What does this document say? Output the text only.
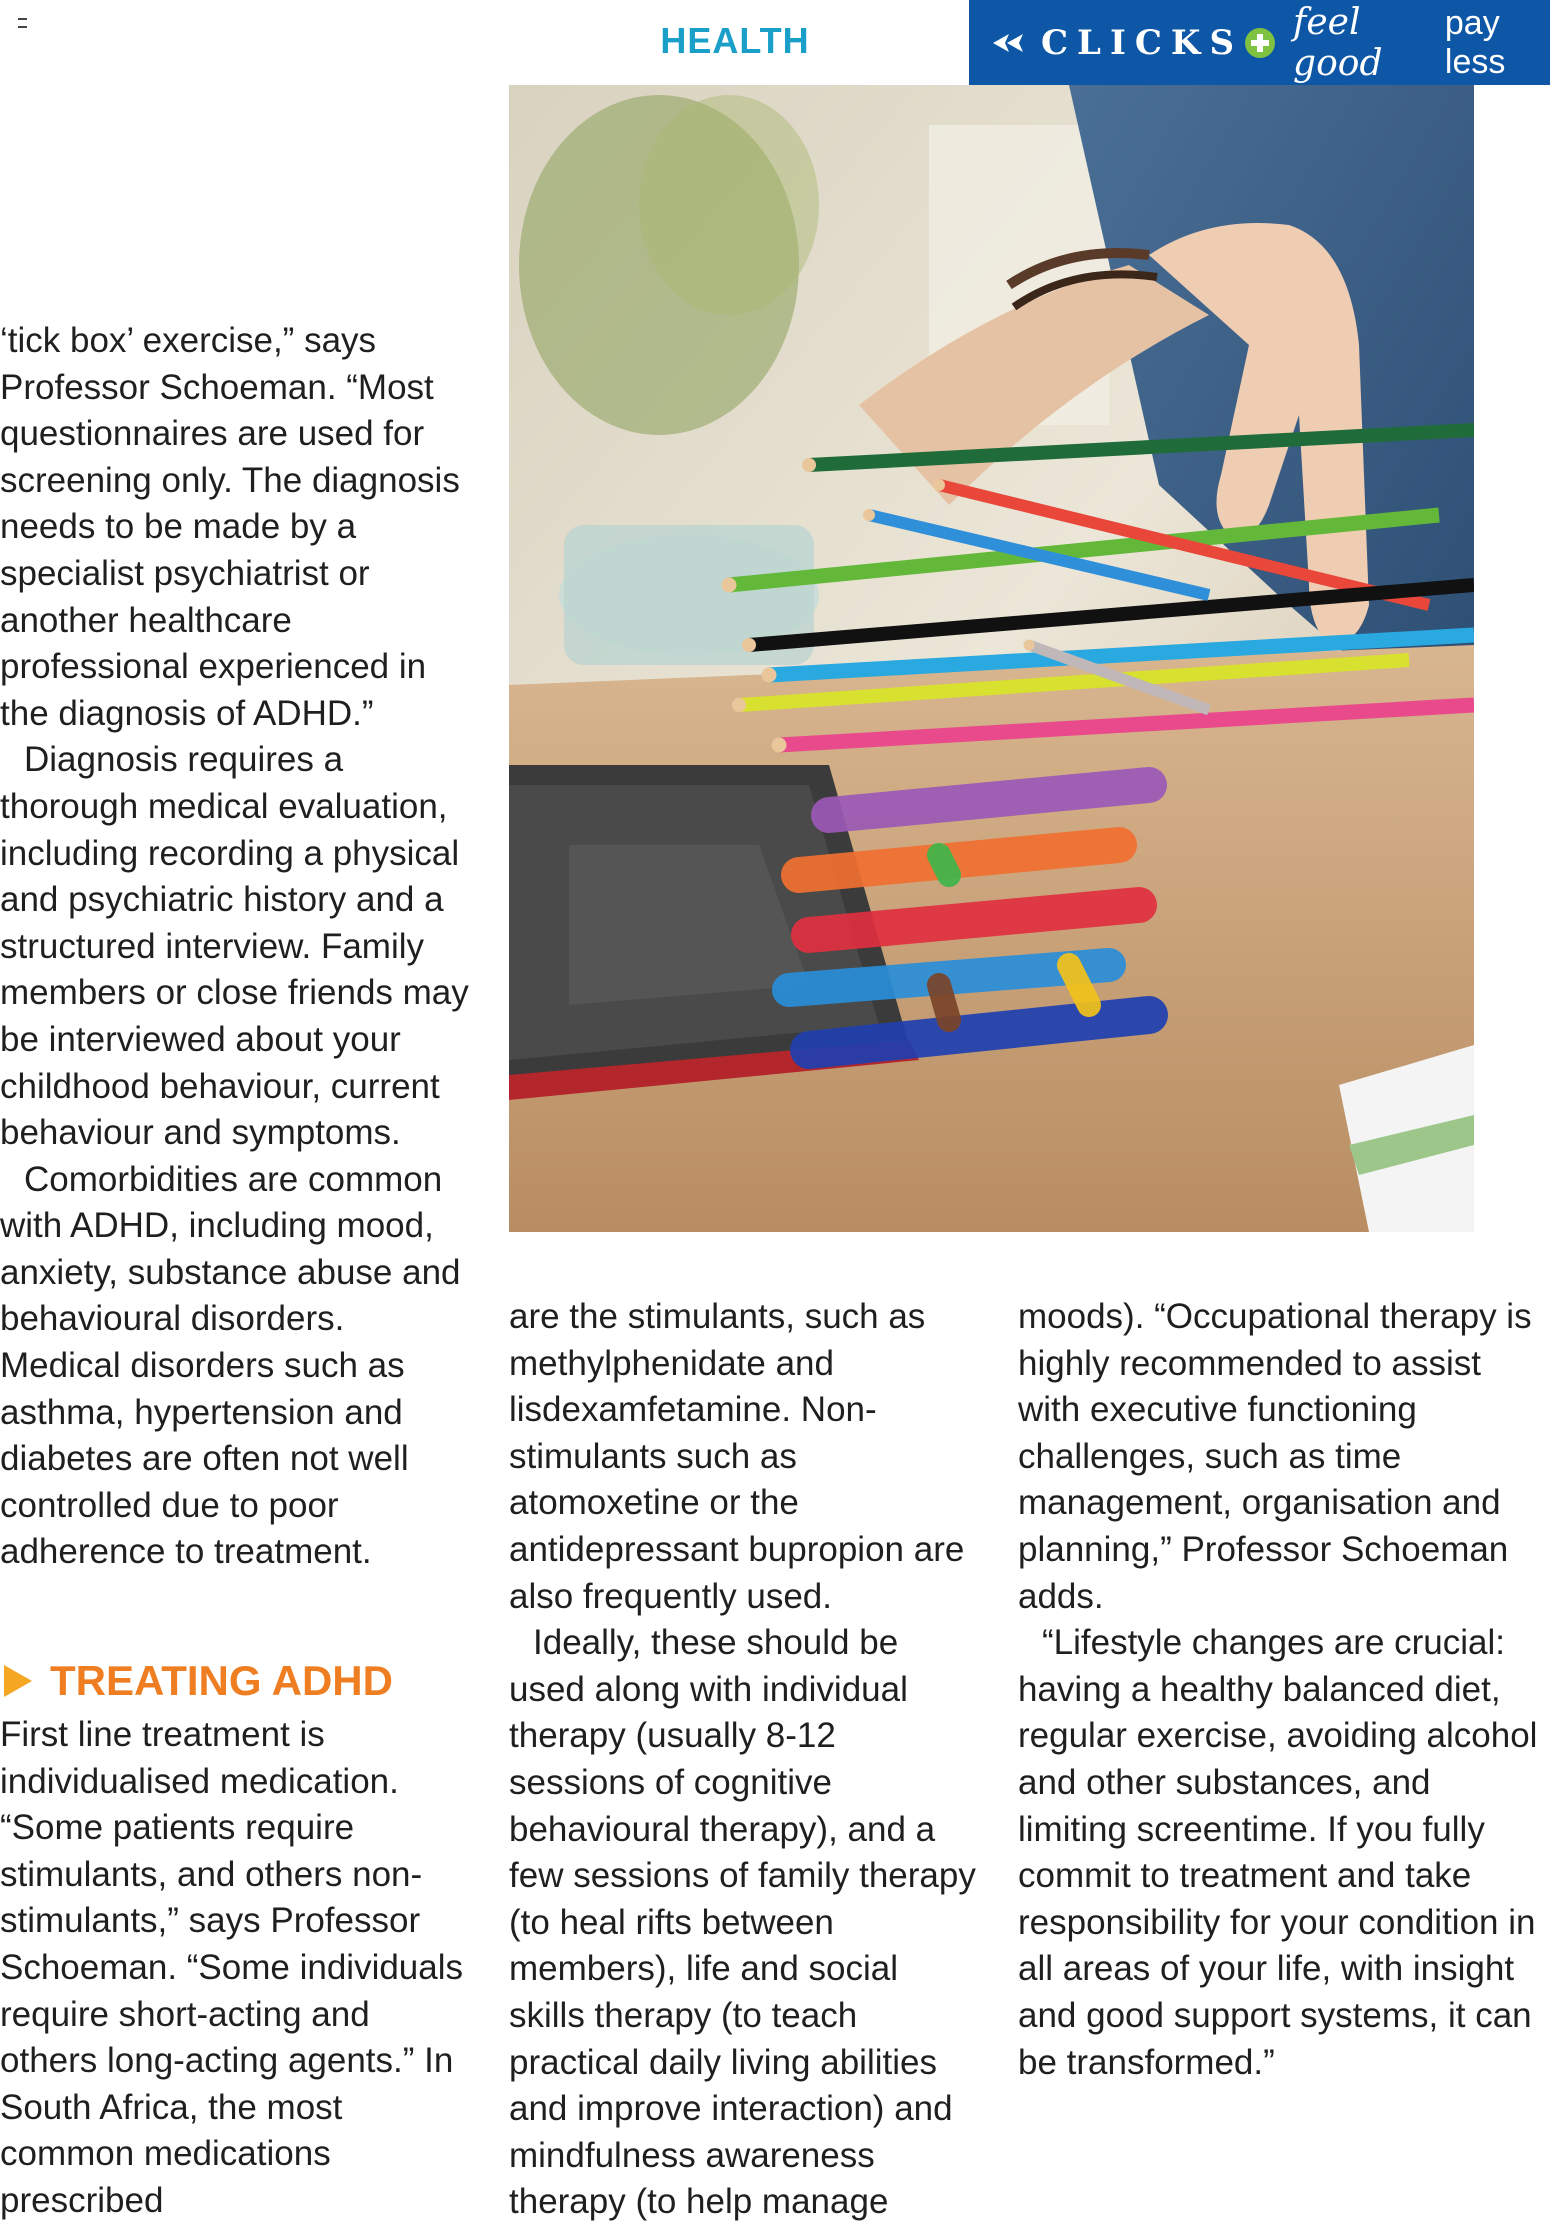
HEALTH	CLICKS feel good
pay less

‘tick box’ exercise,” says Professor Schoeman. “Most questionnaires are used for screening only. The diagnosis needs to be made by a specialist psychiatrist or another healthcare professional experienced in the diagnosis of ADHD.”

Diagnosis requires a thorough medical evaluation, including recording a physical and psychiatric history and a structured interview. Family members or close friends may be interviewed about your childhood behaviour, current behaviour and symptoms.

Comorbidities are common with ADHD, including mood, anxiety, substance abuse and behavioural disorders. Medical disorders such as asthma, hypertension and diabetes are often not well controlled due to poor adherence to treatment.

TREATING ADHD

First line treatment is individualised medication. “Some patients require stimulants, and others non-stimulants,” says Professor Schoeman. “Some individuals require short-acting and others long-acting agents.” In South Africa, the most common medications prescribed

are the stimulants, such as methylphenidate and lisdexamfetamine. Non-stimulants such as atomoxetine or the antidepressant bupropion are also frequently used.

Ideally, these should be used along with individual therapy (usually 8-12 sessions of cognitive behavioural therapy), and a few sessions of family therapy (to heal rifts between members), life and social skills therapy (to teach practical daily living abilities and improve interaction) and mindfulness awareness therapy (to help manage

moods). “Occupational therapy is highly recommended to assist with executive functioning challenges, such as time management, organisation and planning,” Professor Schoeman adds.

“Lifestyle changes are crucial: having a healthy balanced diet, regular exercise, avoiding alcohol and other substances, and limiting screentime. If you fully commit to treatment and take responsibility for your condition in all areas of your life, with insight and good support systems, it can be transformed.”
